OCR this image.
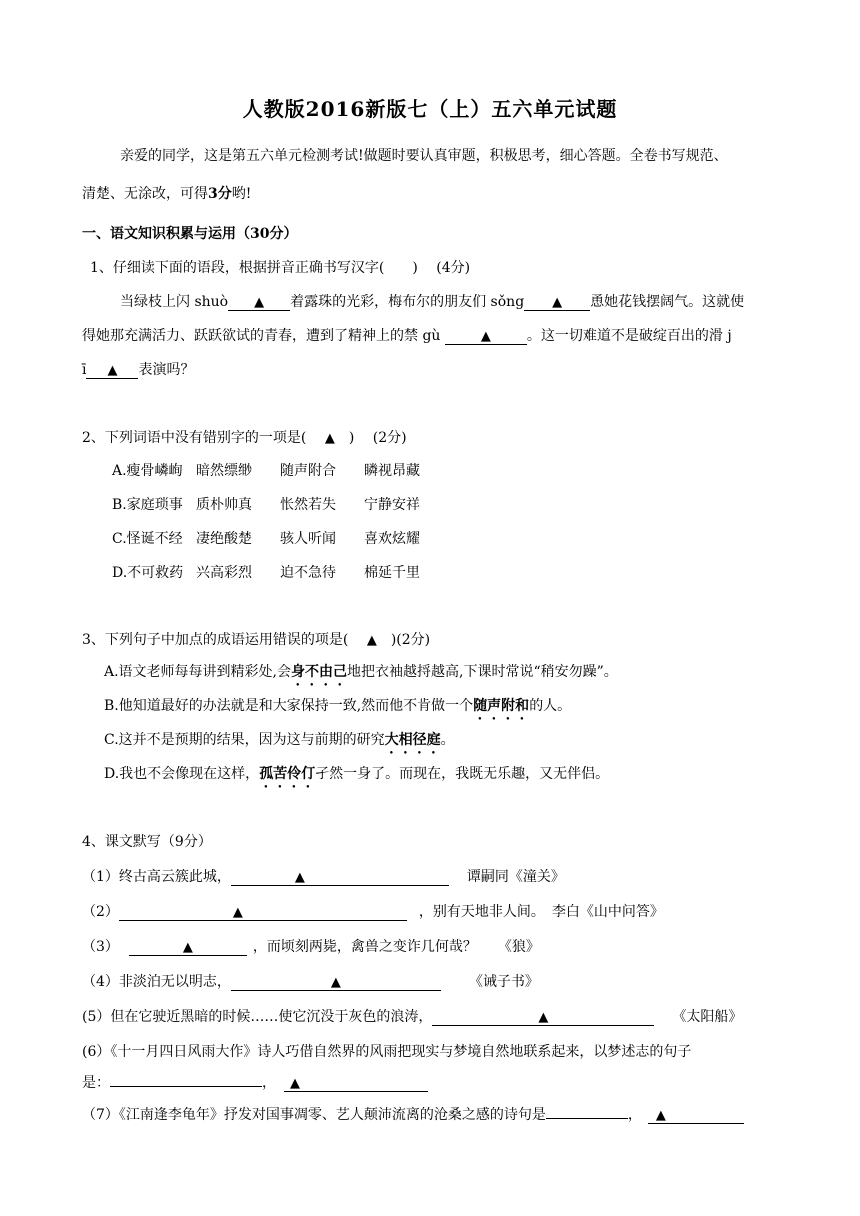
人教版2016新版七（上）五六单元试题
亲爱的同学，这是第五六单元检测考试!做题时要认真审题，积极思考，细心答题。全卷书写规范、
清楚、无涂改，可得3分哟!
一、语文知识积累与运用（30分）
1、仔细读下面的语段，根据拼音正确书写汉字(　　)　 (4分)
当绿枝上闪 shuò ▲ 着露珠的光彩，梅布尔的朋友们 sǒng ▲ 恿她花钱摆阔气。这就使
得她那充满活力、跃跃欲试的青春，遭到了精神上的禁 gù	▲	。这一切难道不是破绽百出的滑 j
ī ▲ 表演吗？
2、下列词语中没有错别字的一项是(　 ▲　)　 (2分)
A.瘦骨嶙峋 暗然缥缈 随声附合 瞵视昂藏
B.家庭琐事 质朴帅真 怅然若失 宁静安祥
C.怪诞不经 凄绝酸楚 骇人听闻 喜欢炫耀
D.不可救药 兴高彩烈 迫不急待 棉延千里
3、下列句子中加点的成语运用错误的项是(　 ▲　)(2分)
A.语文老师每每讲到精彩处,会身不由己地把衣袖越捋越高,下课时常说“稍安勿躁”。
B.他知道最好的办法就是和大家保持一致,然而他不肯做一个随声附和的人。
C.这并不是预期的结果，因为这与前期的研究大相径庭。
D.我也不会像现在这样，孤苦伶仃孑然一身了。而现在，我既无乐趣，又无伴侣。
4、课文默写（9分）
（1）终古高云簇此城，	▲	谭嗣同《潼关》
（2）	▲	，别有天地非人间。　李白《山中问答》
（3）	▲	，而顷刻两毙，禽兽之变诈几何哉？　　《狼》
（4）非淡泊无以明志，	▲	《诫子书》
(5）但在它驶近黑暗的时候……使它沉没于灰色的浪涛，	▲	《太阳船》
(6）《十一月四日风雨大作》诗人巧借自然界的风雨把现实与梦境自然地联系起来，以梦述志的句子
是：	， ▲
（7）《江南逢李龟年》抒发对国事凋零、艺人颠沛流离的沧桑之感的诗句是	， ▲
